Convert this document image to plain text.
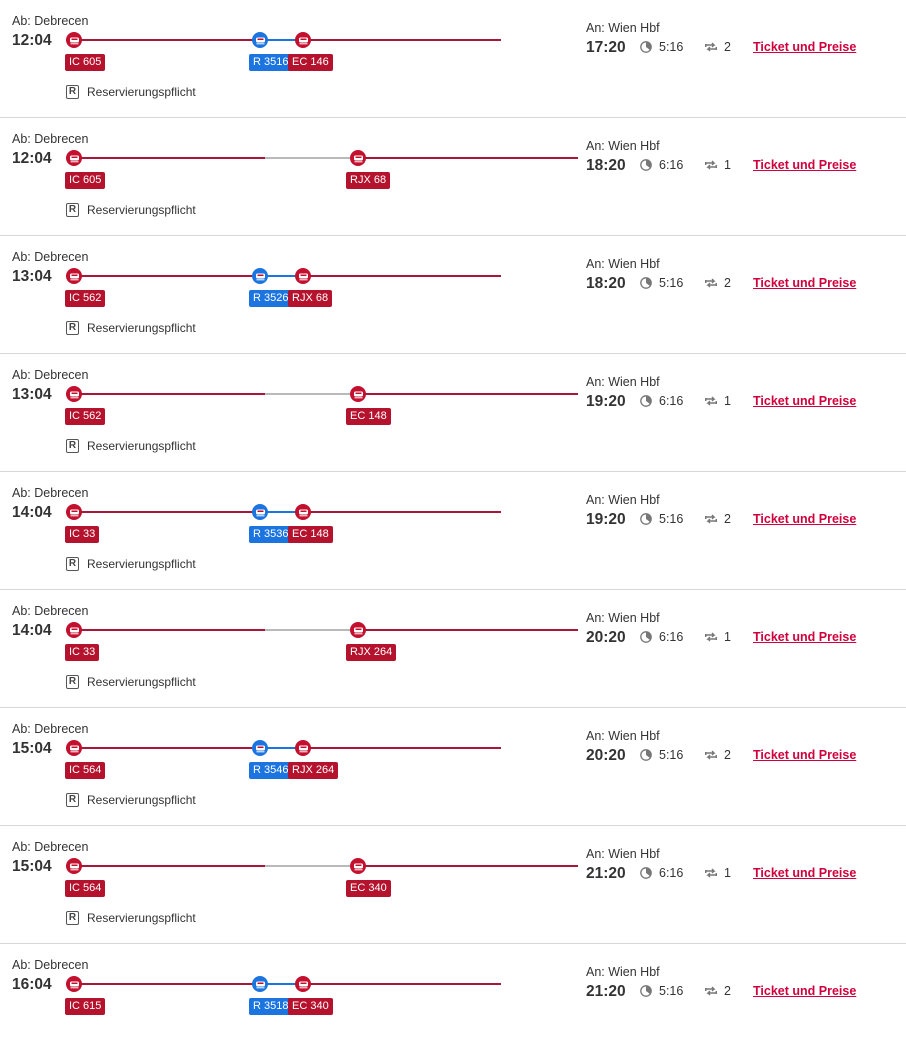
Ab: Debrecen
12:04
IC 605	R 3516 EC 146
R Reservierungspflicht
An: Wien Hbf
17:20	5:16	2 Ticket und Preise
Ab: Debrecen
12:04
IC 605	RJX 68
R Reservierungspflicht
An: Wien Hbf
18:20	6:16	1 Ticket und Preise
Ab: Debrecen
13:04
IC 562	R 3526 RJX 68
R Reservierungspflicht
An: Wien Hbf
18:20	5:16	2 Ticket und Preise
Ab: Debrecen
13:04
IC 562	EC 148
R Reservierungspflicht
An: Wien Hbf
19:20	6:16	1 Ticket und Preise
Ab: Debrecen
14:04
IC 33	R 3536 EC 148
R Reservierungspflicht
An: Wien Hbf
19:20	5:16	2 Ticket und Preise
Ab: Debrecen
14:04
IC 33	RJX 264
R Reservierungspflicht
An: Wien Hbf
20:20	6:16	1 Ticket und Preise
Ab: Debrecen
15:04
IC 564	R 3546 RJX 264
R Reservierungspflicht
An: Wien Hbf
20:20	5:16	2 Ticket und Preise
Ab: Debrecen
15:04
IC 564	EC 340
R Reservierungspflicht
An: Wien Hbf
21:20	6:16	1 Ticket und Preise
Ab: Debrecen
16:04
IC 615	R 3518 EC 340
An: Wien Hbf
21:20	5:16	2 Ticket und Preise
